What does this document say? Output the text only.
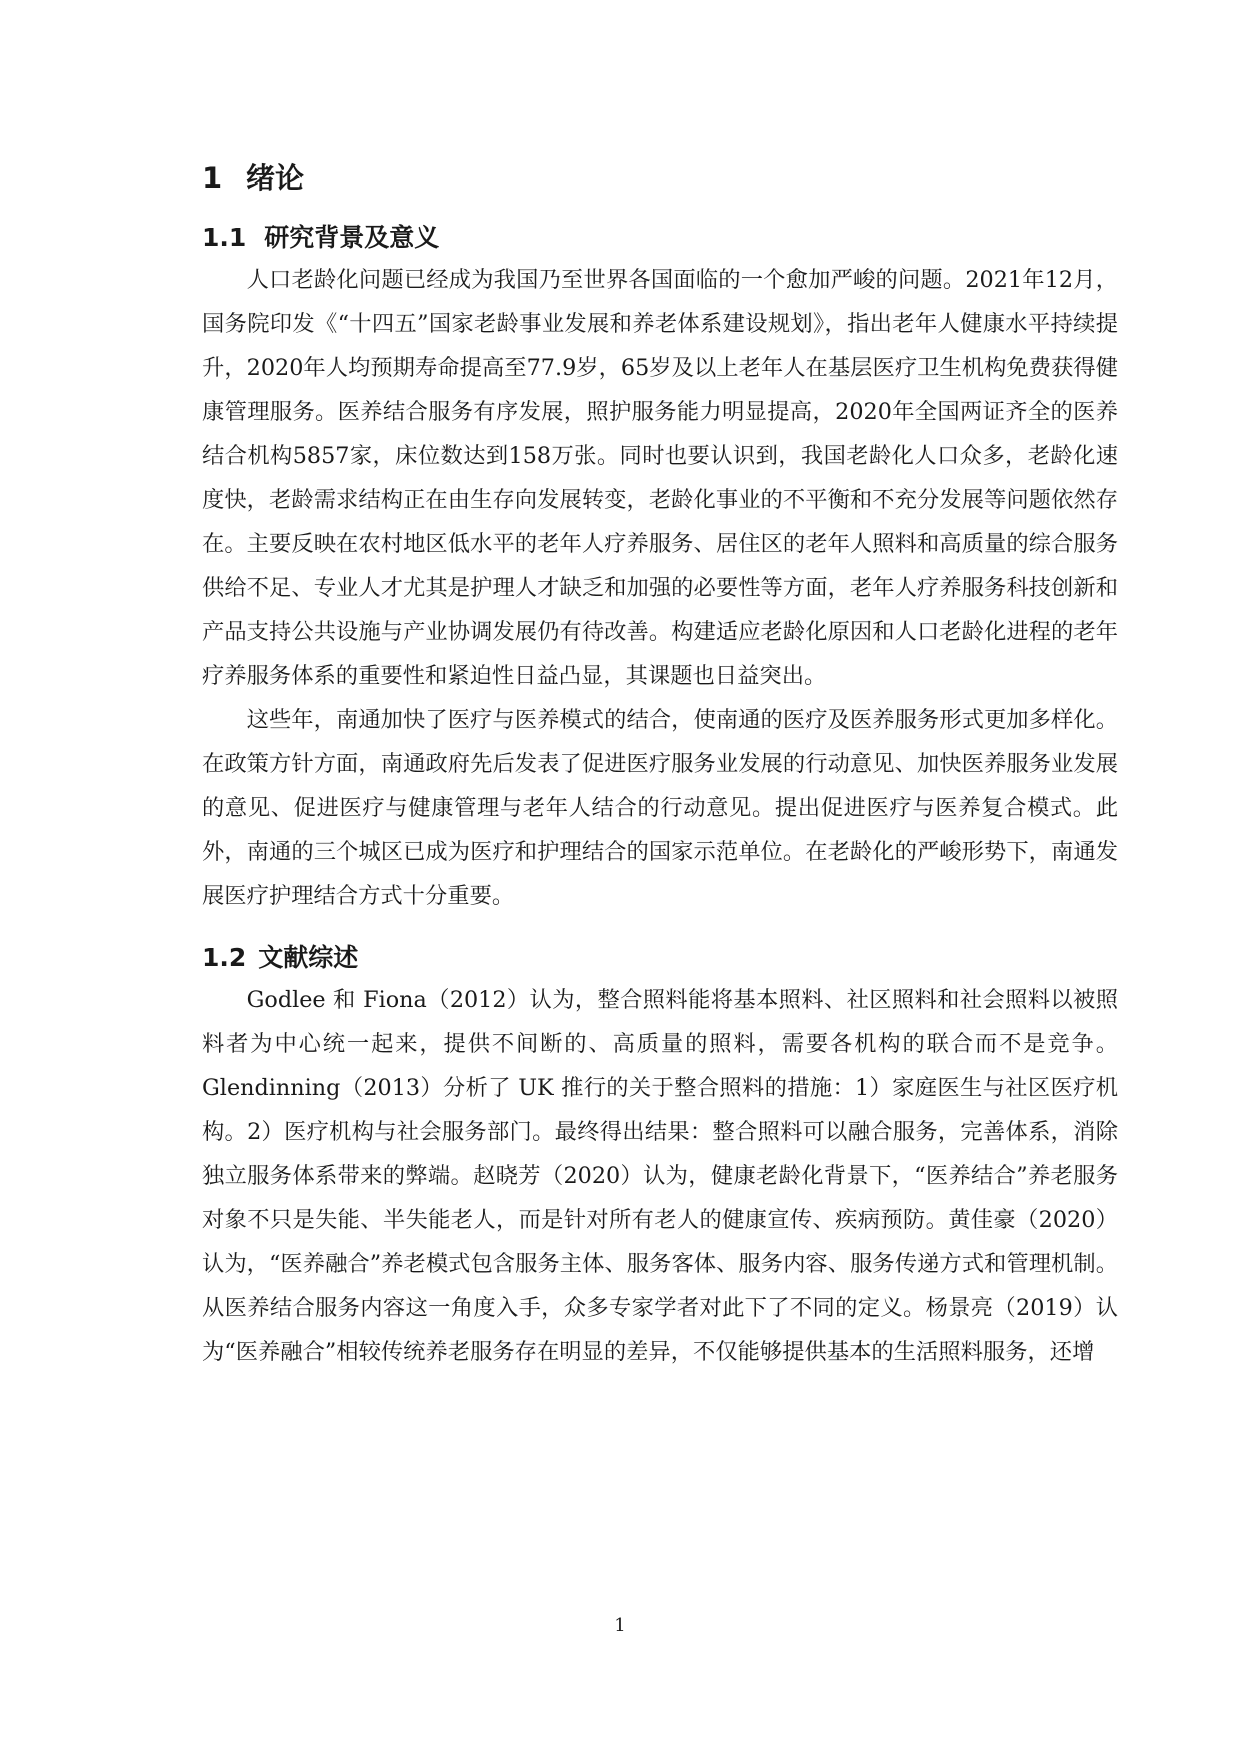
1 绪论
1.1 研究背景及意义

人口老龄化问题已经成为我国乃至世界各国面临的一个愈加严峻的问题。2021年12月，国务院印发《“十四五”国家老龄事业发展和养老体系建设规划》，指出老年人健康水平持续提升，2020年人均预期寿命提高至77.9岁，65岁及以上老年人在基层医疗卫生机构免费获得健康管理服务。医养结合服务有序发展，照护服务能力明显提高，2020年全国两证齐全的医养结合机构5857家，床位数达到158万张。同时也要认识到，我国老龄化人口众多，老龄化速度快，老龄需求结构正在由生存向发展转变，老龄化事业的不平衡和不充分发展等问题依然存在。主要反映在农村地区低水平的老年人疗养服务、居住区的老年人照料和高质量的综合服务供给不足、专业人才尤其是护理人才缺乏和加强的必要性等方面，老年人疗养服务科技创新和产品支持公共设施与产业协调发展仍有待改善。构建适应老龄化原因和人口老龄化进程的老年疗养服务体系的重要性和紧迫性日益凸显，其课题也日益突出。

这些年，南通加快了医疗与医养模式的结合，使南通的医疗及医养服务形式更加多样化。在政策方针方面，南通政府先后发表了促进医疗服务业发展的行动意见、加快医养服务业发展的意见、促进医疗与健康管理与老年人结合的行动意见。提出促进医疗与医养复合模式。此外，南通的三个城区已成为医疗和护理结合的国家示范单位。在老龄化的严峻形势下，南通发展医疗护理结合方式十分重要。

1.2 文献综述

Godlee 和 Fiona（2012）认为，整合照料能将基本照料、社区照料和社会照料以被照料者为中心统一起来，提供不间断的、高质量的照料，需要各机构的联合而不是竞争。Glendinning（2013）分析了 UK 推行的关于整合照料的措施：1）家庭医生与社区医疗机构。2）医疗机构与社会服务部门。最终得出结果：整合照料可以融合服务，完善体系，消除独立服务体系带来的弊端。赵晓芳（2020）认为，健康老龄化背景下，“医养结合”养老服务对象不只是失能、半失能老人，而是针对所有老人的健康宣传、疾病预防。黄佳豪（2020）认为，“医养融合”养老模式包含服务主体、服务客体、服务内容、服务传递方式和管理机制。从医养结合服务内容这一角度入手，众多专家学者对此下了不同的定义。杨景亮（2019）认为“医养融合”相较传统养老服务存在明显的差异，不仅能够提供基本的生活照料服务，还增

1
